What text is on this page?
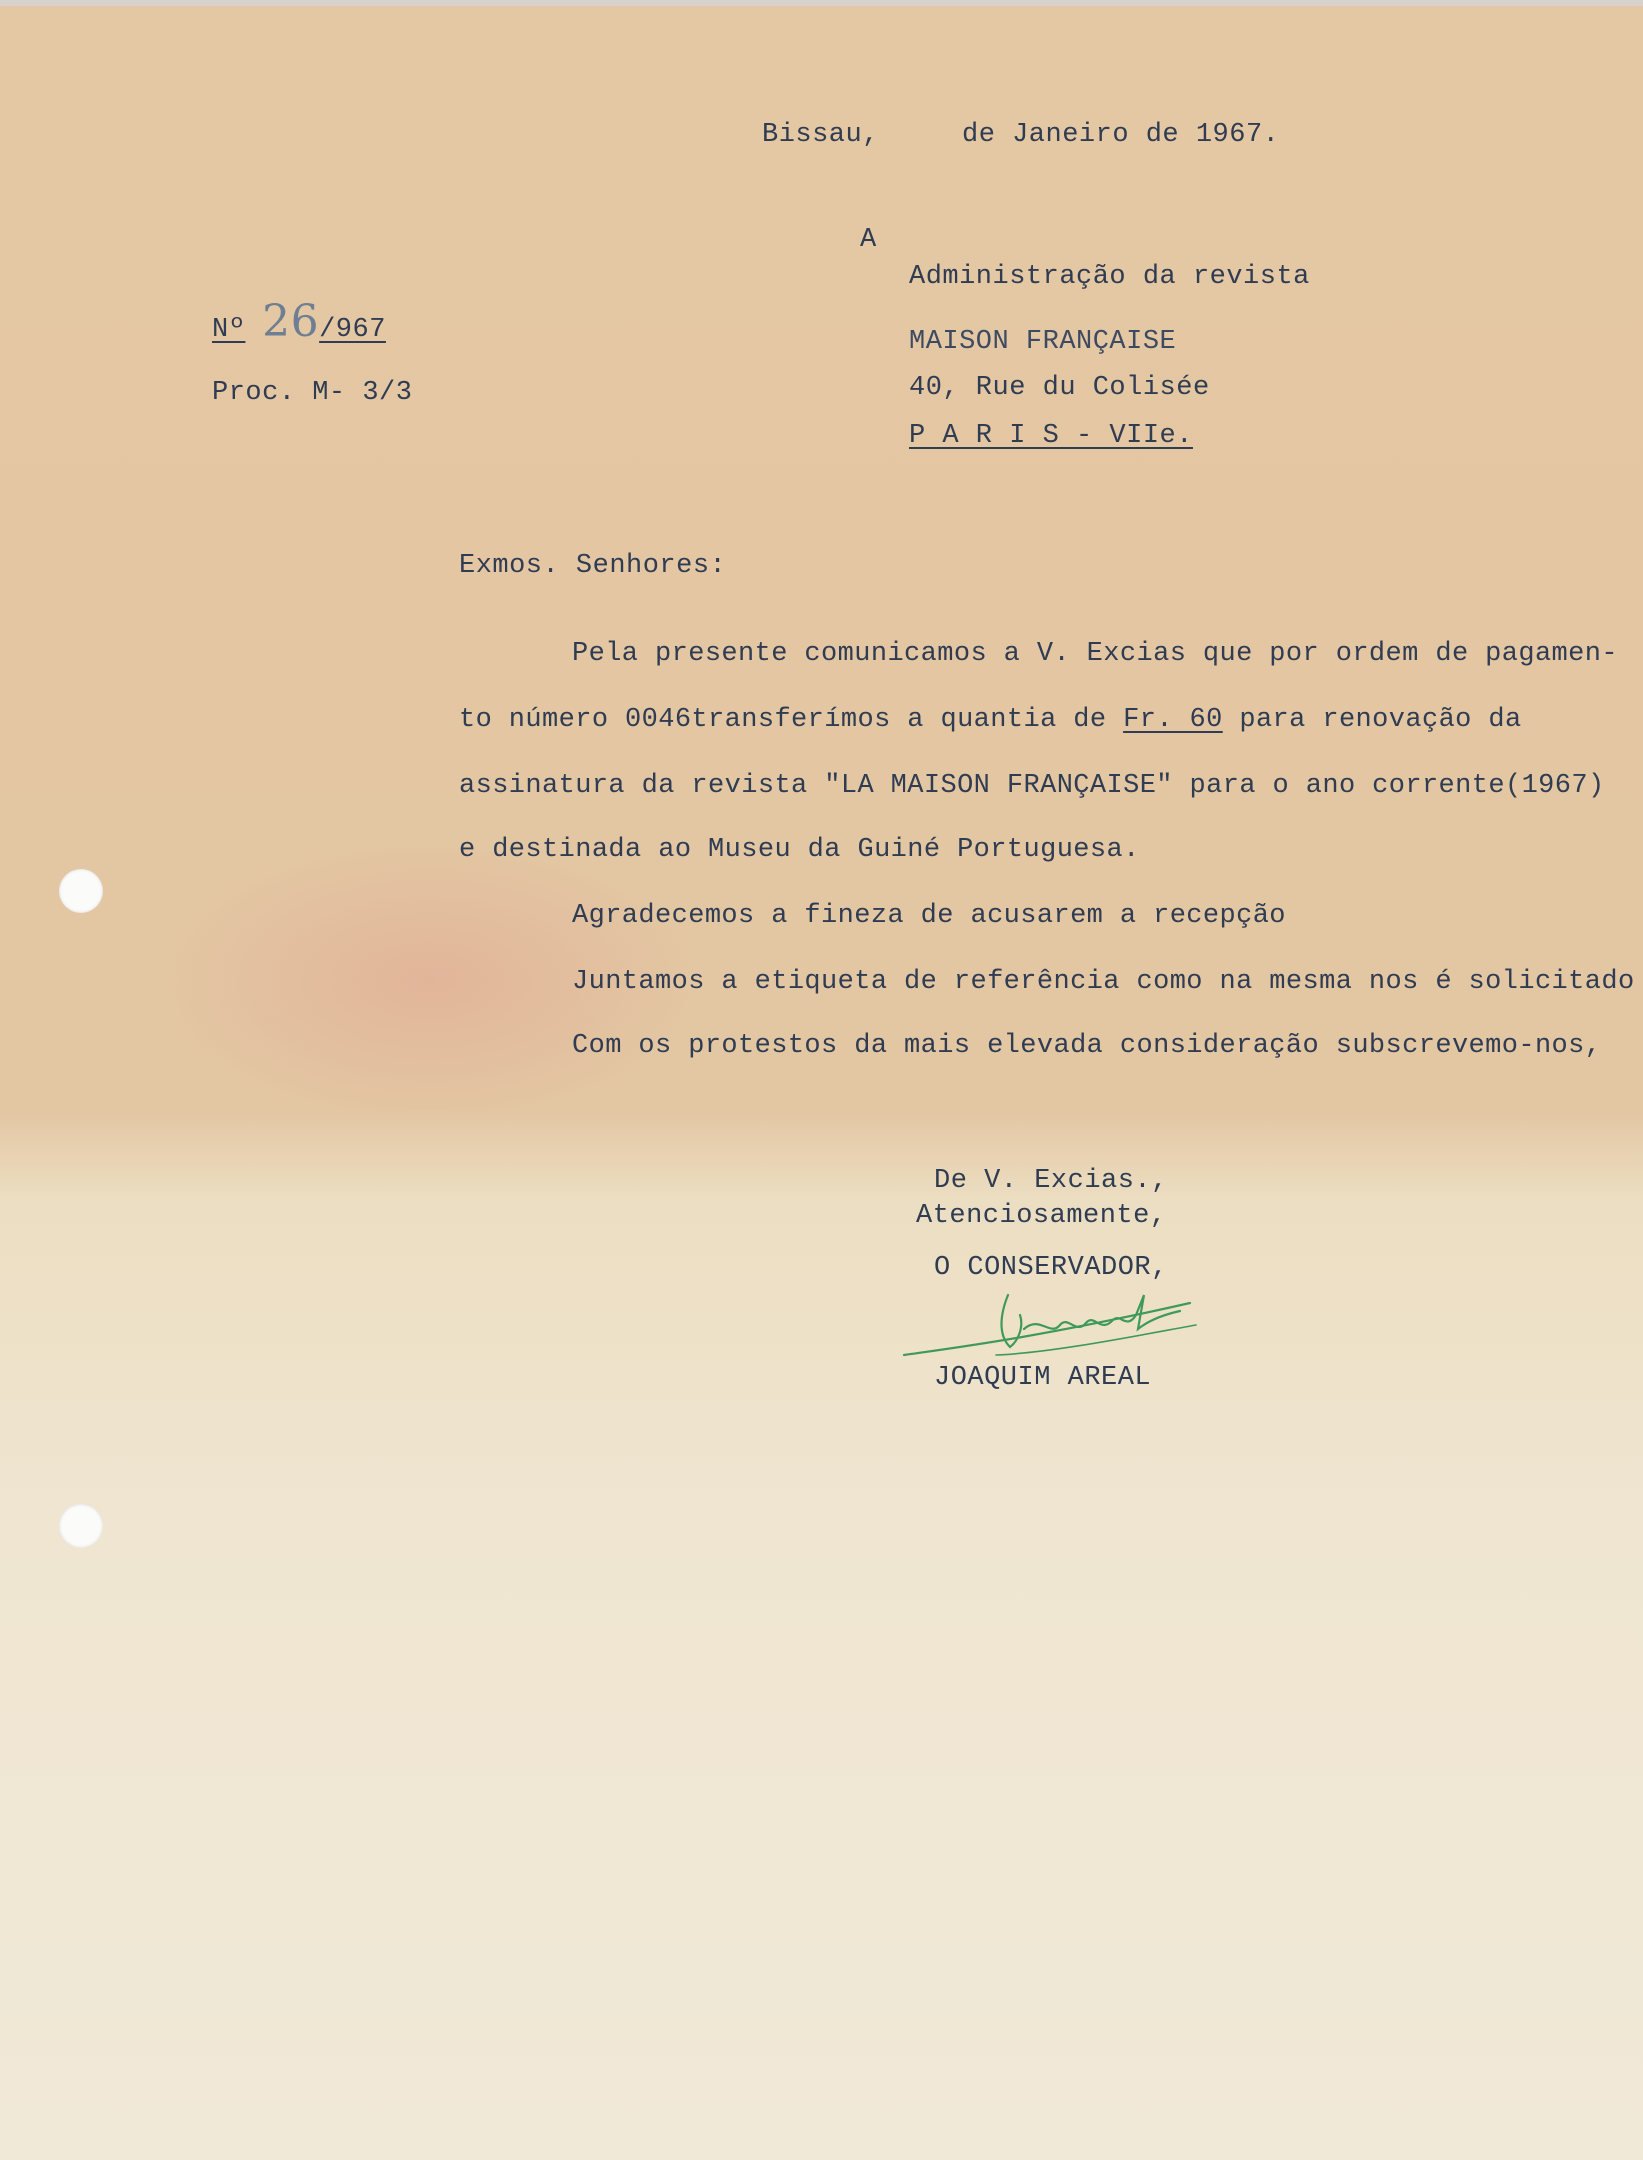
Bissau,	de Janeiro de 1967.
Nº 26/967
Proc. M- 3/3
A
Administração da revista
MAISON FRANÇAISE
40, Rue du Colisée
P A R I S - VIIe.
Exmos. Senhores:
Pela presente comunicamos a V. Excias que por ordem de pagamen-
to número 0046transferímos a quantia de Fr. 60 para renovação da
assinatura da revista "LA MAISON FRANÇAISE" para o ano corrente(1967)
e destinada ao Museu da Guiné Portuguesa.
Agradecemos a fineza de acusarem a recepção
Juntamos a etiqueta de referência como na mesma nos é solicitado
Com os protestos da mais elevada consideração subscrevemo-nos,
De V. Excias.,
Atenciosamente,
O CONSERVADOR,
JOAQUIM AREAL
